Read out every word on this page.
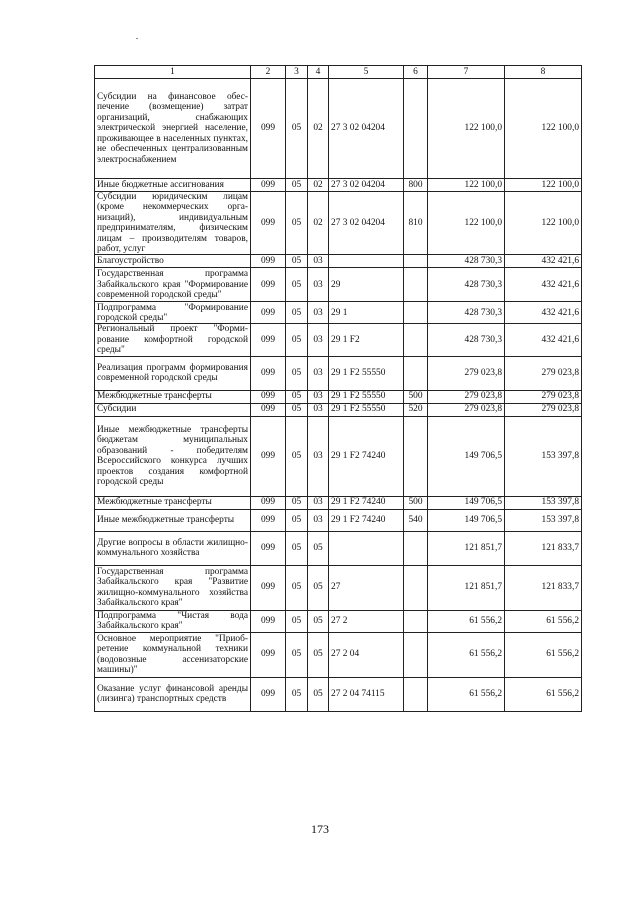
1	2	3	4	5	6	7	8
Субсидии на финансовое обеспечение (возмещение) затрат организаций, снабжающих электрической энергией население, проживающее в населенных пунктах, не обеспеченных централизованным электроснабжением	099	05	02	27 3 02 04204		122 100,0	122 100,0
Иные бюджетные ассигнования	099	05	02	27 3 02 04204	800	122 100,0	122 100,0
Субсидии юридическим лицам (кроме некоммерческих организаций), индивидуальным предпринимателям, физическим лицам – производителям товаров, работ, услуг	099	05	02	27 3 02 04204	810	122 100,0	122 100,0
Благоустройство	099	05	03			428 730,3	432 421,6
Государственная программа Забайкальского края "Формирование современной городской среды"	099	05	03	29		428 730,3	432 421,6
Подпрограмма "Формирование городской среды"	099	05	03	29 1		428 730,3	432 421,6
Региональный проект "Формирование комфортной городской среды"	099	05	03	29 1 F2		428 730,3	432 421,6
Реализация программ формирования современной городской среды	099	05	03	29 1 F2 55550		279 023,8	279 023,8
Межбюджетные трансферты	099	05	03	29 1 F2 55550	500	279 023,8	279 023,8
Субсидии	099	05	03	29 1 F2 55550	520	279 023,8	279 023,8
Иные межбюджетные трансферты бюджетам муниципальных образований - победителям Всероссийского конкурса лучших проектов создания комфортной городской среды	099	05	03	29 1 F2 74240		149 706,5	153 397,8
Межбюджетные трансферты	099	05	03	29 1 F2 74240	500	149 706,5	153 397,8
Иные межбюджетные трансферты	099	05	03	29 1 F2 74240	540	149 706,5	153 397,8
Другие вопросы в области жилищно-коммунального хозяйства	099	05	05			121 851,7	121 833,7
Государственная программа Забайкальского края "Развитие жилищно-коммунального хозяйства Забайкальского края"	099	05	05	27		121 851,7	121 833,7
Подпрограмма "Чистая вода Забайкальского края"	099	05	05	27 2		61 556,2	61 556,2
Основное мероприятие "Приобретение коммунальной техники (водовозные ассенизаторские машины)"	099	05	05	27 2 04		61 556,2	61 556,2
Оказание услуг финансовой аренды (лизинга) транспортных средств	099	05	05	27 2 04 74115		61 556,2	61 556,2
173
